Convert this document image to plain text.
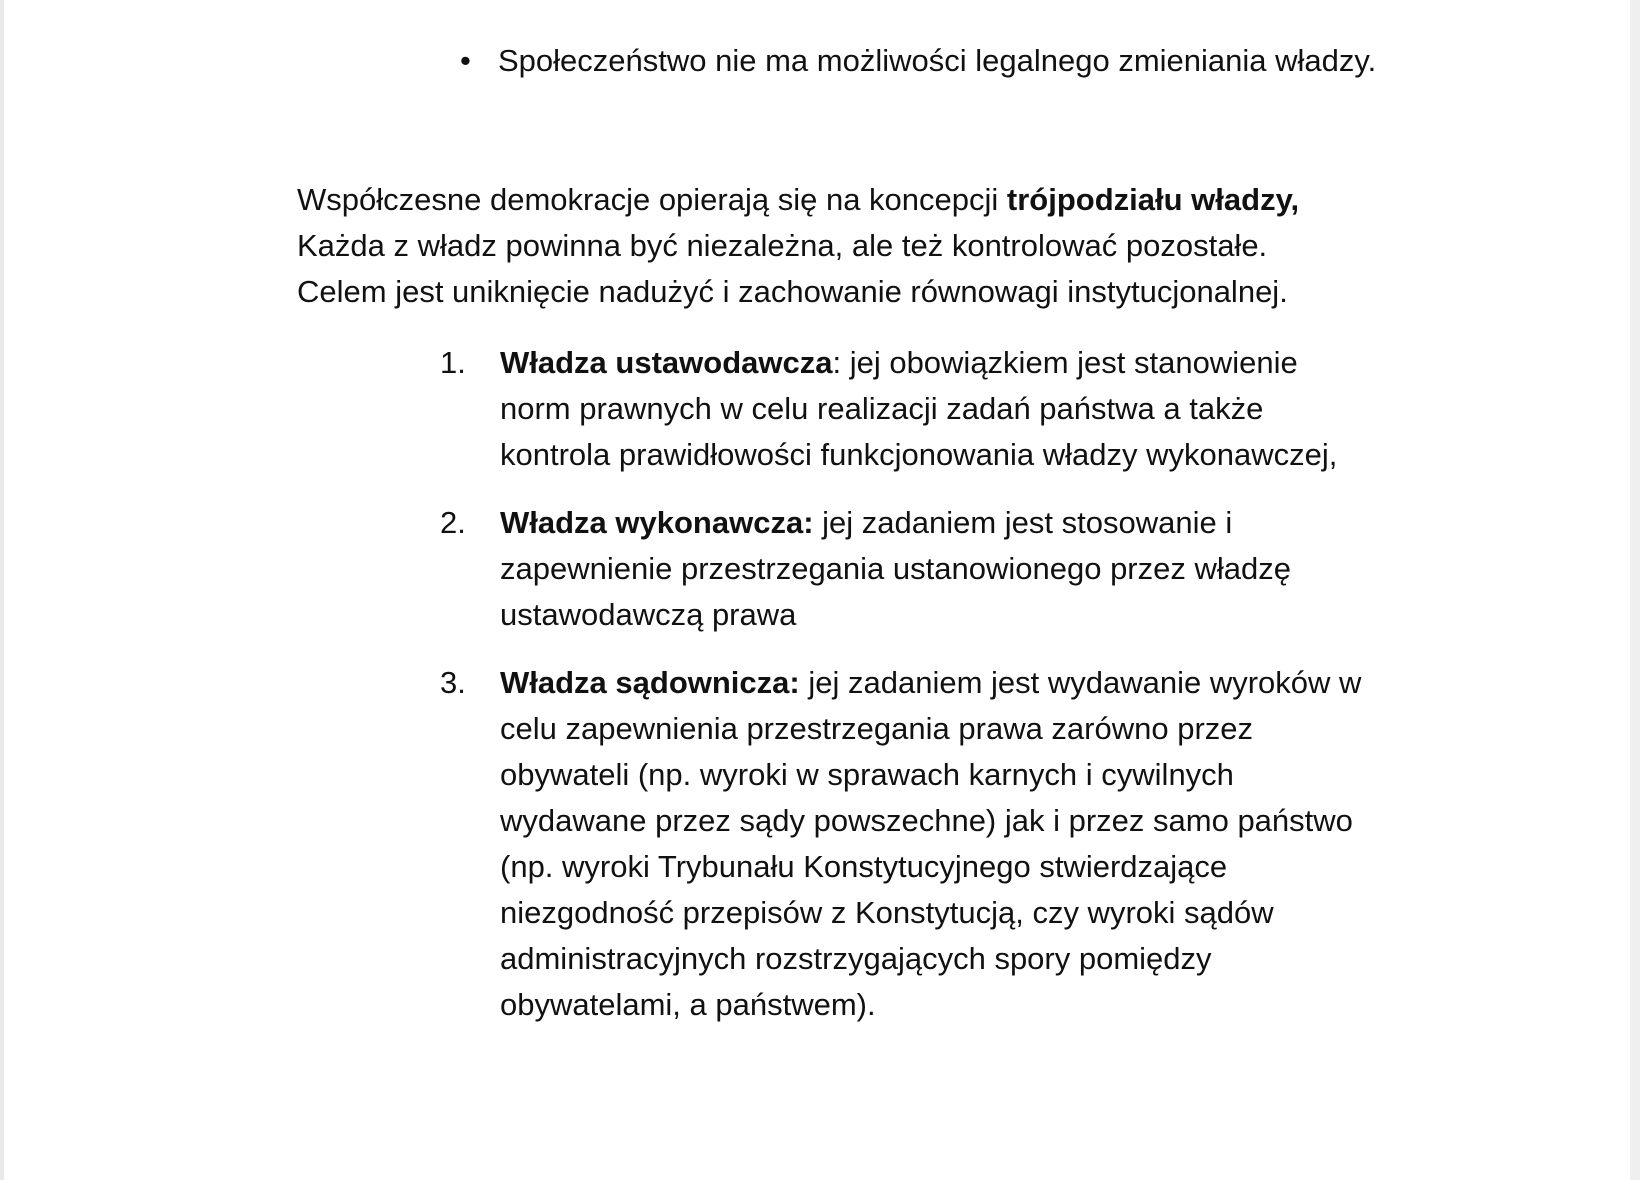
• Społeczeństwo nie ma możliwości legalnego zmieniania władzy.
Współczesne demokracje opierają się na koncepcji trójpodziału władzy,
Każda z władz powinna być niezależna, ale też kontrolować pozostałe.
Celem jest uniknięcie nadużyć i zachowanie równowagi instytucjonalnej.
1.	Władza ustawodawcza: jej obowiązkiem jest stanowienie
norm prawnych w celu realizacji zadań państwa a także
kontrola prawidłowości funkcjonowania władzy wykonawczej,
2.	Władza wykonawcza: jej zadaniem jest stosowanie i
zapewnienie przestrzegania ustanowionego przez władzę
ustawodawczą prawa
3.	Władza sądownicza: jej zadaniem jest wydawanie wyroków w
celu zapewnienia przestrzegania prawa zarówno przez
obywateli (np. wyroki w sprawach karnych i cywilnych
wydawane przez sądy powszechne) jak i przez samo państwo
(np. wyroki Trybunału Konstytucyjnego stwierdzające
niezgodność przepisów z Konstytucją, czy wyroki sądów
administracyjnych rozstrzygających spory pomiędzy
obywatelami, a państwem).
